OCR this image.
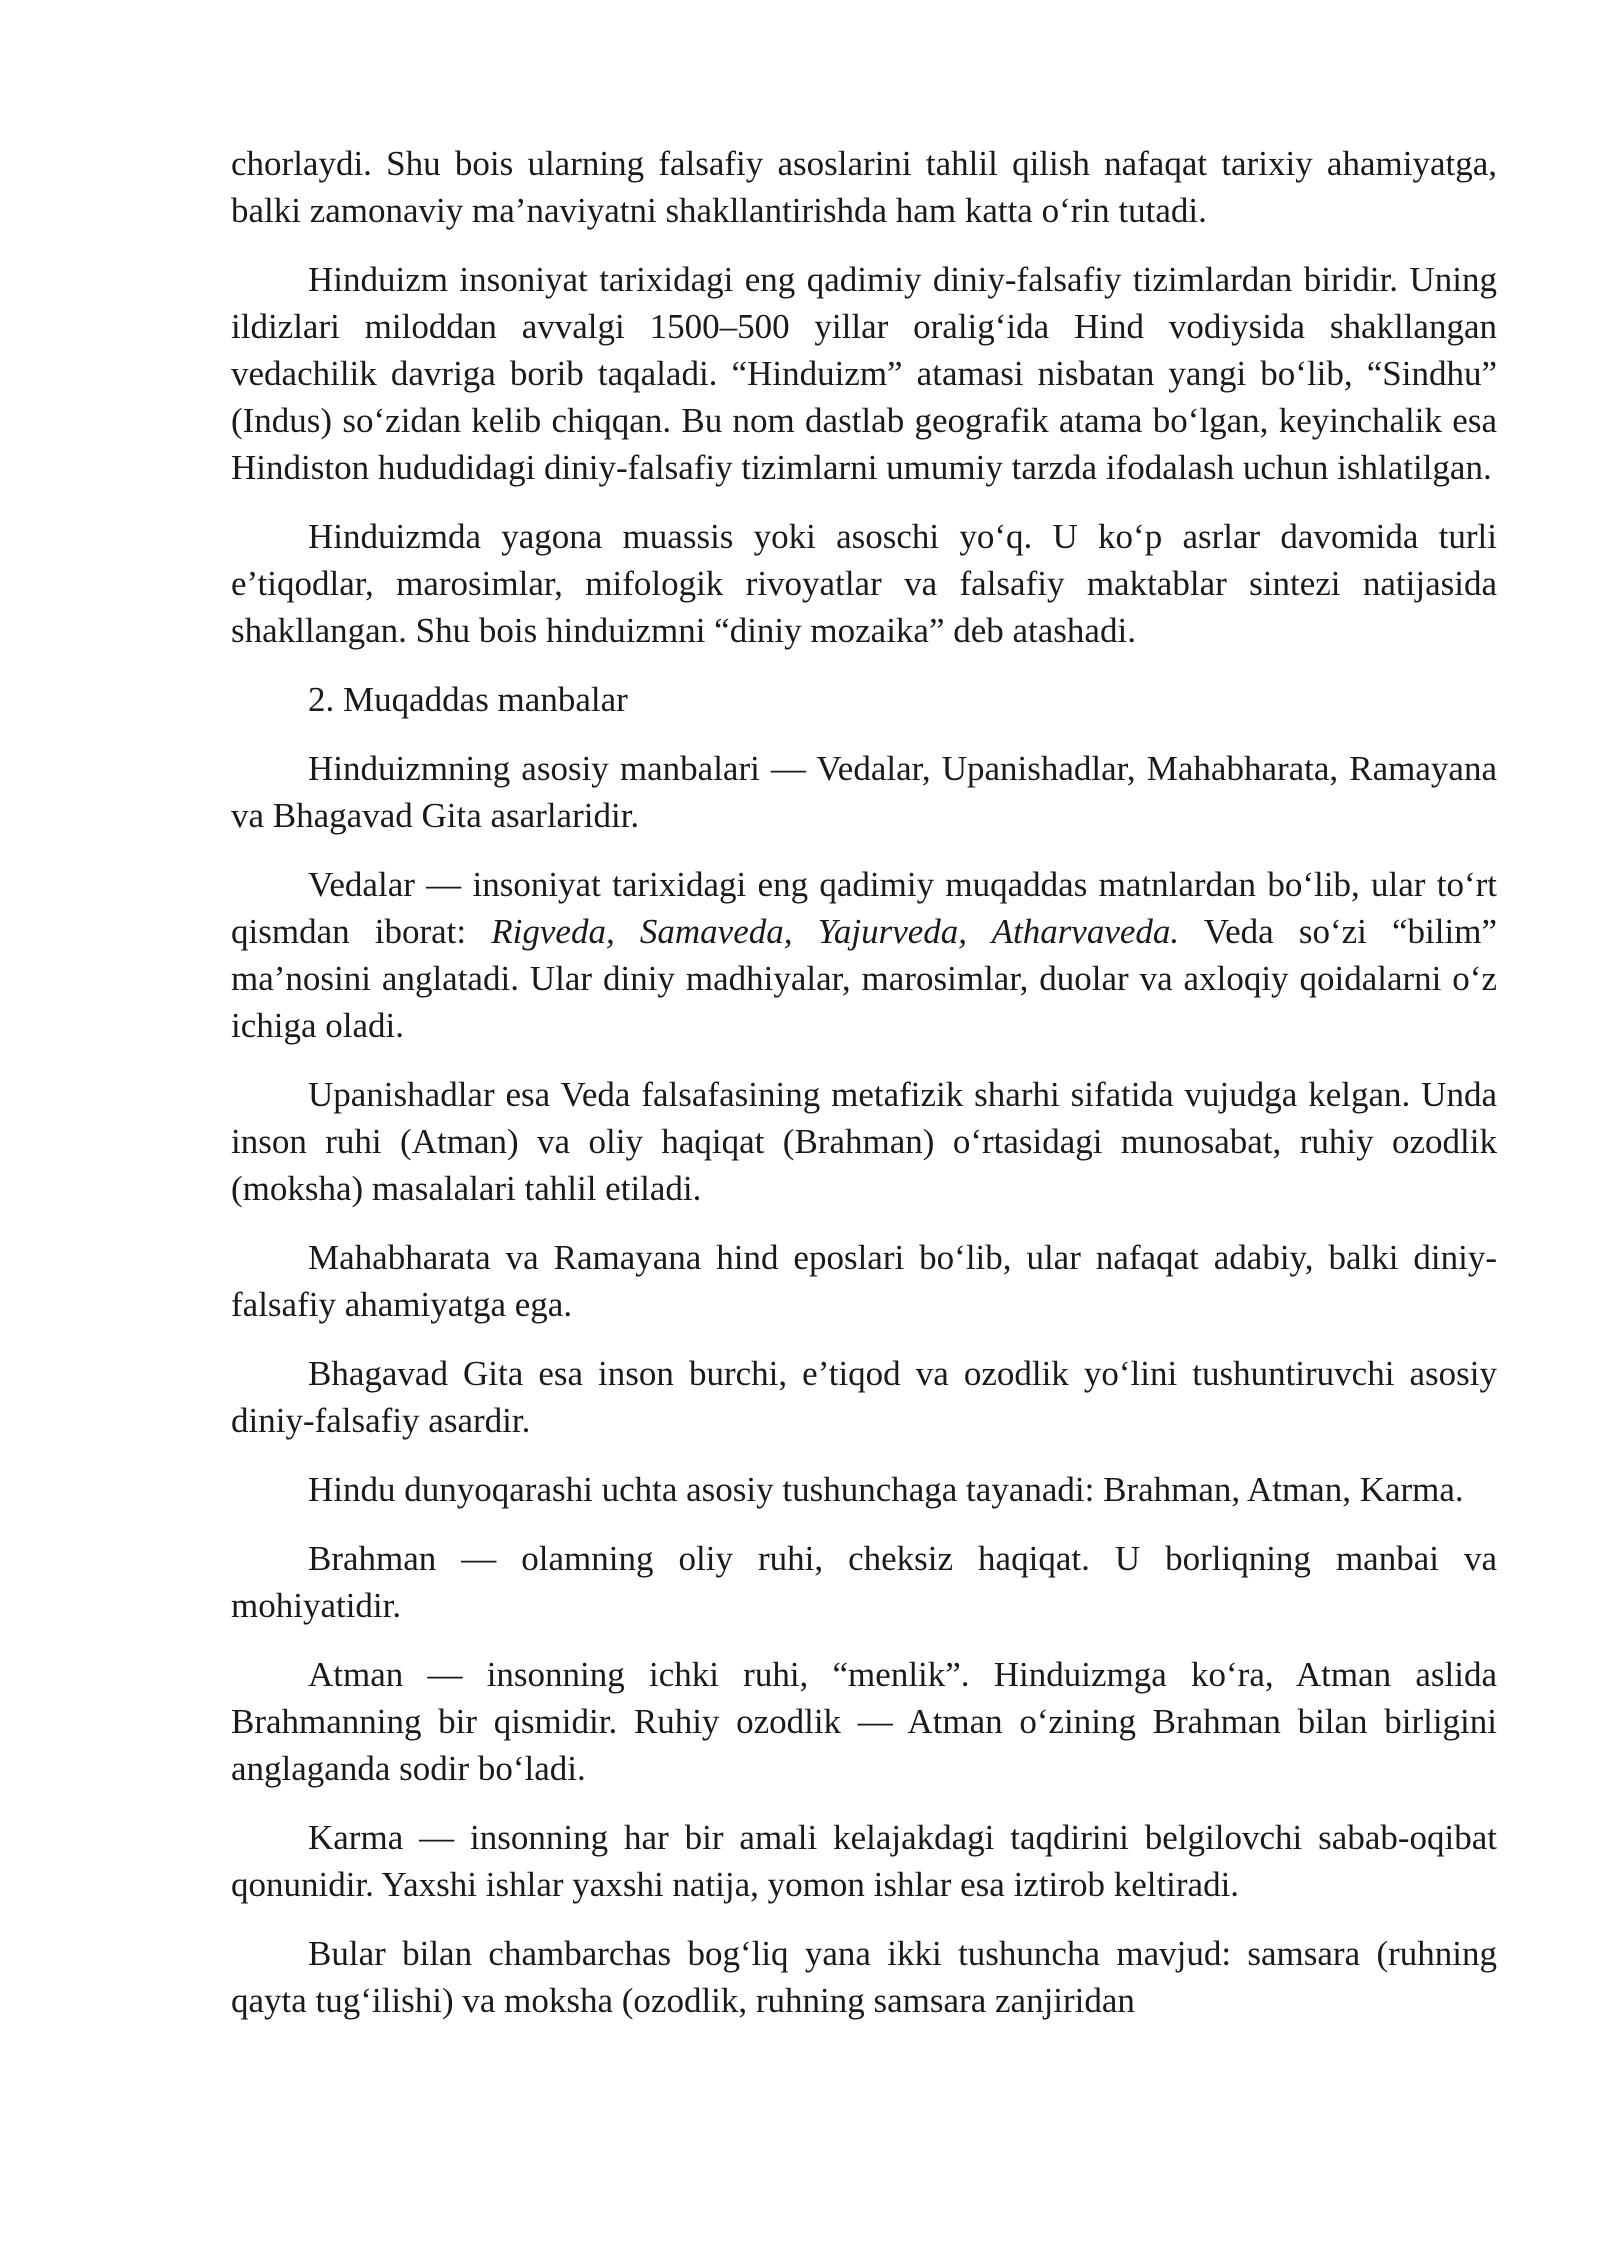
chorlaydi. Shu bois ularning falsafiy asoslarini tahlil qilish nafaqat tarixiy ahamiyatga, balki zamonaviy ma’naviyatni shakllantirishda ham katta o‘rin tutadi.

Hinduizm insoniyat tarixidagi eng qadimiy diniy-falsafiy tizimlardan biridir. Uning ildizlari miloddan avvalgi 1500–500 yillar oralig‘ida Hind vodiysida shakllangan vedachilik davriga borib taqaladi. “Hinduizm” atamasi nisbatan yangi bo‘lib, “Sindhu” (Indus) so‘zidan kelib chiqqan. Bu nom dastlab geografik atama bo‘lgan, keyinchalik esa Hindiston hududidagi diniy-falsafiy tizimlarni umumiy tarzda ifodalash uchun ishlatilgan.

Hinduizmda yagona muassis yoki asoschi yo‘q. U ko‘p asrlar davomida turli e’tiqodlar, marosimlar, mifologik rivoyatlar va falsafiy maktablar sintezi natijasida shakllangan. Shu bois hinduizmni “diniy mozaika” deb atashadi.

2. Muqaddas manbalar

Hinduizmning asosiy manbalari — Vedalar, Upanishadlar, Mahabharata, Ramayana va Bhagavad Gita asarlaridir.

Vedalar — insoniyat tarixidagi eng qadimiy muqaddas matnlardan bo‘lib, ular to‘rt qismdan iborat: Rigveda, Samaveda, Yajurveda, Atharvaveda. Veda so‘zi “bilim” ma’nosini anglatadi. Ular diniy madhiyalar, marosimlar, duolar va axloqiy qoidalarni o‘z ichiga oladi.

Upanishadlar esa Veda falsafasining metafizik sharhi sifatida vujudga kelgan. Unda inson ruhi (Atman) va oliy haqiqat (Brahman) o‘rtasidagi munosabat, ruhiy ozodlik (moksha) masalalari tahlil etiladi.

Mahabharata va Ramayana hind eposlari bo‘lib, ular nafaqat adabiy, balki diniy-falsafiy ahamiyatga ega.

Bhagavad Gita esa inson burchi, e’tiqod va ozodlik yo‘lini tushuntiruvchi asosiy diniy-falsafiy asardir.

Hindu dunyoqarashi uchta asosiy tushunchaga tayanadi: Brahman, Atman, Karma.

Brahman — olamning oliy ruhi, cheksiz haqiqat. U borliqning manbai va mohiyatidir.

Atman — insonning ichki ruhi, “menlik”. Hinduizmga ko‘ra, Atman aslida Brahmanning bir qismidir. Ruhiy ozodlik — Atman o‘zining Brahman bilan birligini anglaganda sodir bo‘ladi.

Karma — insonning har bir amali kelajakdagi taqdirini belgilovchi sabab-oqibat qonunidir. Yaxshi ishlar yaxshi natija, yomon ishlar esa iztirob keltiradi.

Bular bilan chambarchas bog‘liq yana ikki tushuncha mavjud: samsara (ruhning qayta tug‘ilishi) va moksha (ozodlik, ruhning samsara zanjiridan
